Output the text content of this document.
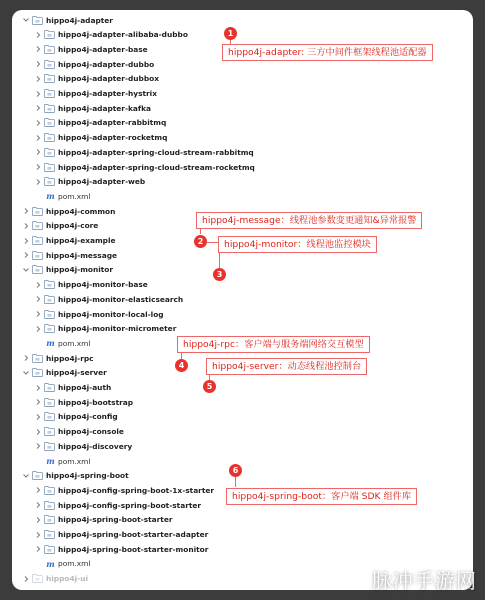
hippo4j-adapter
hippo4j-adapter-alibaba-dubbo
hippo4j-adapter-base
hippo4j-adapter-dubbo
hippo4j-adapter-dubbox
hippo4j-adapter-hystrix
hippo4j-adapter-kafka
hippo4j-adapter-rabbitmq
hippo4j-adapter-rocketmq
hippo4j-adapter-spring-cloud-stream-rabbitmq
hippo4j-adapter-spring-cloud-stream-rocketmq
hippo4j-adapter-web
m pom.xml
hippo4j-common
hippo4j-core
hippo4j-example
hippo4j-message
hippo4j-monitor
hippo4j-monitor-base
hippo4j-monitor-elasticsearch
hippo4j-monitor-local-log
hippo4j-monitor-micrometer
m pom.xml
hippo4j-rpc
hippo4j-server
hippo4j-auth
hippo4j-bootstrap
hippo4j-config
hippo4j-console
hippo4j-discovery
m pom.xml
hippo4j-spring-boot
hippo4j-config-spring-boot-1x-starter
hippo4j-config-spring-boot-starter
hippo4j-spring-boot-starter
hippo4j-spring-boot-starter-adapter
hippo4j-spring-boot-starter-monitor
m pom.xml
hippo4j-ui
1
hippo4j-adapter: 三方中间件框架线程池适配器
hippo4j-message：线程池参数变更通知&异常报警
2	hippo4j-monitor：线程池监控模块
3
hippo4j-rpc：客户端与服务端网络交互模型
4	hippo4j-server：动态线程池控制台
5
6
hippo4j-spring-boot：客户端 SDK 组件库
脉冲手游网
